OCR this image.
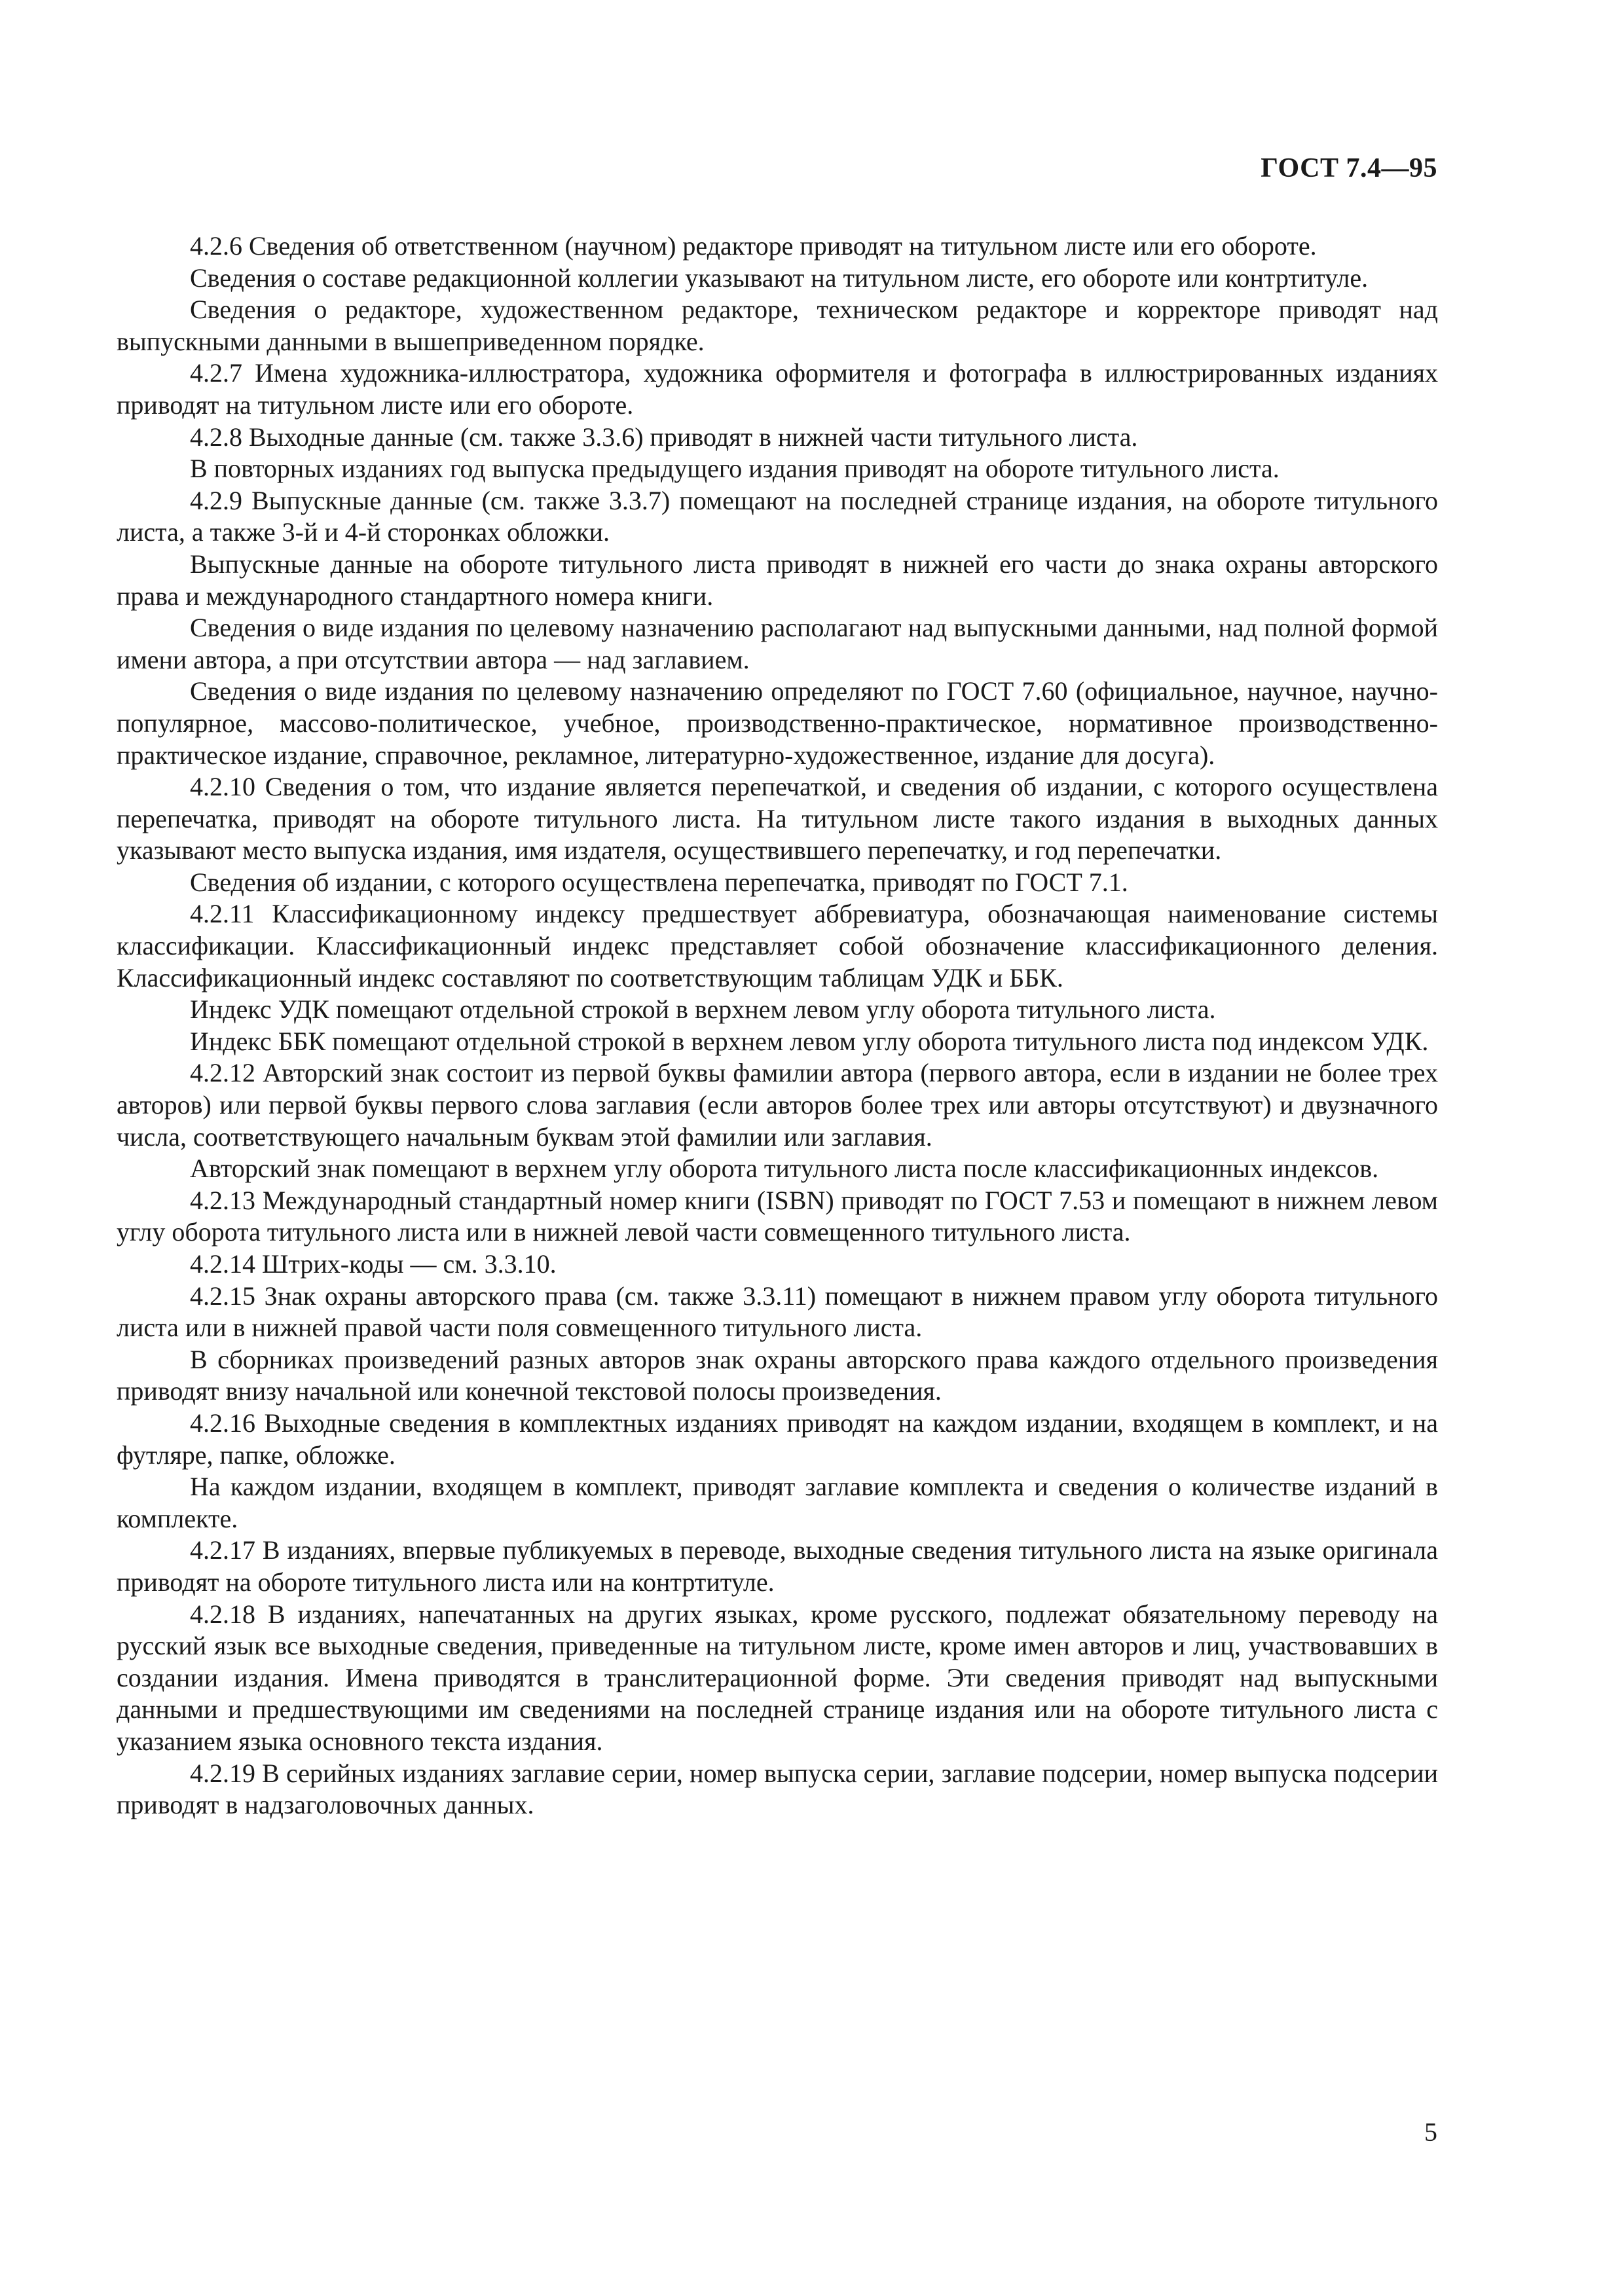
ГОСТ 7.4—95

4.2.6 Сведения об ответственном (научном) редакторе приводят на титульном листе или его обороте.

Сведения о составе редакционной коллегии указывают на титульном листе, его обороте или контртитуле.

Сведения о редакторе, художественном редакторе, техническом редакторе и корректоре приводят над выпускными данными в вышеприведенном порядке.

4.2.7 Имена художника-иллюстратора, художника оформителя и фотографа в иллюстрированных изданиях приводят на титульном листе или его обороте.

4.2.8 Выходные данные (см. также 3.3.6) приводят в нижней части титульного листа.

В повторных изданиях год выпуска предыдущего издания приводят на обороте титульного листа.

4.2.9 Выпускные данные (см. также 3.3.7) помещают на последней странице издания, на обороте титульного листа, а также 3-й и 4-й сторонках обложки.

Выпускные данные на обороте титульного листа приводят в нижней его части до знака охраны авторского права и международного стандартного номера книги.

Сведения о виде издания по целевому назначению располагают над выпускными данными, над полной формой имени автора, а при отсутствии автора — над заглавием.

Сведения о виде издания по целевому назначению определяют по ГОСТ 7.60 (официальное, научное, научно-популярное, массово-политическое, учебное, производственно-практическое, нормативное производственно-практическое издание, справочное, рекламное, литературно-художественное, издание для досуга).

4.2.10 Сведения о том, что издание является перепечаткой, и сведения об издании, с которого осуществлена перепечатка, приводят на обороте титульного листа. На титульном листе такого издания в выходных данных указывают место выпуска издания, имя издателя, осуществившего перепечатку, и год перепечатки.

Сведения об издании, с которого осуществлена перепечатка, приводят по ГОСТ 7.1.

4.2.11 Классификационному индексу предшествует аббревиатура, обозначающая наименование системы классификации. Классификационный индекс представляет собой обозначение классификационного деления. Классификационный индекс составляют по соответствующим таблицам УДК и ББК.

Индекс УДК помещают отдельной строкой в верхнем левом углу оборота титульного листа.

Индекс ББК помещают отдельной строкой в верхнем левом углу оборота титульного листа под индексом УДК.

4.2.12 Авторский знак состоит из первой буквы фамилии автора (первого автора, если в издании не более трех авторов) или первой буквы первого слова заглавия (если авторов более трех или авторы отсутствуют) и двузначного числа, соответствующего начальным буквам этой фамилии или заглавия.

Авторский знак помещают в верхнем углу оборота титульного листа после классификационных индексов.

4.2.13 Международный стандартный номер книги (ISBN) приводят по ГОСТ 7.53 и помещают в нижнем левом углу оборота титульного листа или в нижней левой части совмещенного титульного листа.

4.2.14 Штрих-коды — см. 3.3.10.

4.2.15 Знак охраны авторского права (см. также 3.3.11) помещают в нижнем правом углу оборота титульного листа или в нижней правой части поля совмещенного титульного листа.

В сборниках произведений разных авторов знак охраны авторского права каждого отдельного произведения приводят внизу начальной или конечной текстовой полосы произведения.

4.2.16 Выходные сведения в комплектных изданиях приводят на каждом издании, входящем в комплект, и на футляре, папке, обложке.

На каждом издании, входящем в комплект, приводят заглавие комплекта и сведения о количестве изданий в комплекте.

4.2.17 В изданиях, впервые публикуемых в переводе, выходные сведения титульного листа на языке оригинала приводят на обороте титульного листа или на контртитуле.

4.2.18 В изданиях, напечатанных на других языках, кроме русского, подлежат обязательному переводу на русский язык все выходные сведения, приведенные на титульном листе, кроме имен авторов и лиц, участвовавших в создании издания. Имена приводятся в транслитерационной форме. Эти сведения приводят над выпускными данными и предшествующими им сведениями на последней странице издания или на обороте титульного листа с указанием языка основного текста издания.

4.2.19 В серийных изданиях заглавие серии, номер выпуска серии, заглавие подсерии, номер выпуска подсерии приводят в надзаголовочных данных.

5
